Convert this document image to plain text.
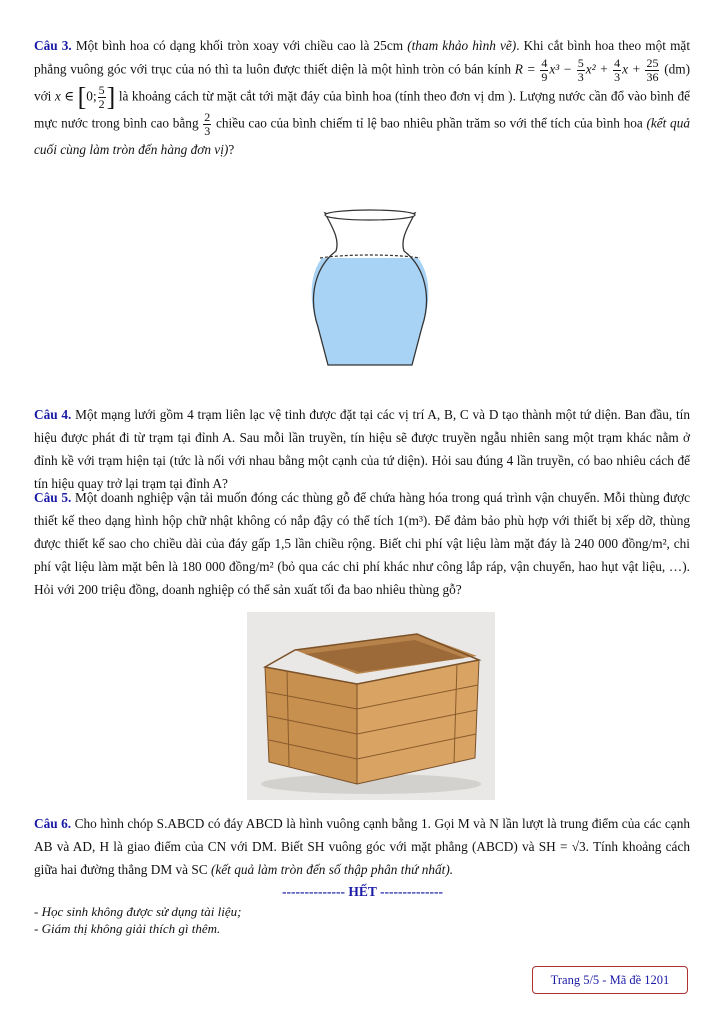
Câu 3. Một bình hoa có dạng khối tròn xoay với chiều cao là 25cm (tham khảo hình vẽ). Khi cắt bình hoa theo một mặt phẳng vuông góc với trục của nó thì ta luôn được thiết diện là một hình tròn có bán kính $R = \frac{4}{9} x^3 - \frac{5}{3} x^2 + \frac{4}{3}$ $x + \frac{25}{36} (dm)$ với x ∈ [0; $\frac{5}{2}$ ] là khoảng cách từ mặt cắt tới mặt đáy của bình hoa (tính theo đơn vị dm ). Lượng nước cần đổ vào bình để mực nước trong bình cao bằng $\frac{2}{3}$ chiều cao của bình chiếm tỉ lệ bao nhiêu phần trăm so với thể tích của bình hoa (kết quả cuối cùng làm tròn đến hàng đơn vị)?
Câu 4. Một mạng lưới gồm 4 trạm liên lạc vệ tinh được đặt tại các vị trí A, B, C và D tạo thành một tứ diện. Ban đầu, tín hiệu được phát đi từ trạm tại đỉnh A. Sau mỗi lần truyền, tín hiệu sẽ được truyền ngẫu nhiên sang một trạm khác nằm ở đỉnh kề với trạm hiện tại (tức là nối với nhau bằng một cạnh của tứ diện). Hỏi sau đúng 4 lần truyền, có bao nhiêu cách để tín hiệu quay trở lại trạm tại đỉnh A?
Câu 5. Một doanh nghiệp vận tải muốn đóng các thùng gỗ để chứa hàng hóa trong quá trình vận chuyển. Mỗi thùng được thiết kế theo dạng hình hộp chữ nhật không có nắp đậy có thể tích 1(m³). Để đảm bảo phù hợp với thiết bị xếp dỡ, thùng được thiết kế sao cho chiều dài của đáy gấp 1,5 lần chiều rộng. Biết chi phí vật liệu làm mặt đáy là 240 000 đồng/m², chi phí vật liệu làm mặt bên là 180 000 đồng/m² (bỏ qua các chi phí khác như công lắp ráp, vận chuyển, hao hụt vật liệu, …). Hỏi với 200 triệu đồng, doanh nghiệp có thể sản xuất tối đa bao nhiêu thùng gỗ?
Câu 6. Cho hình chóp S.ABCD có đáy ABCD là hình vuông cạnh bằng 1. Gọi M và N lần lượt là trung điểm của các cạnh AB và AD, H là giao điểm của CN với DM. Biết SH vuông góc với mặt phẳng (ABCD) và SH = √3. Tính khoảng cách giữa hai đường thẳng DM và SC (kết quả làm tròn đến số thập phân thứ nhất).
-------------- HẾT --------------
- Học sinh không được sử dụng tài liệu;
- Giám thị không giải thích gì thêm.
Trang 5/5 - Mã đề 1201
